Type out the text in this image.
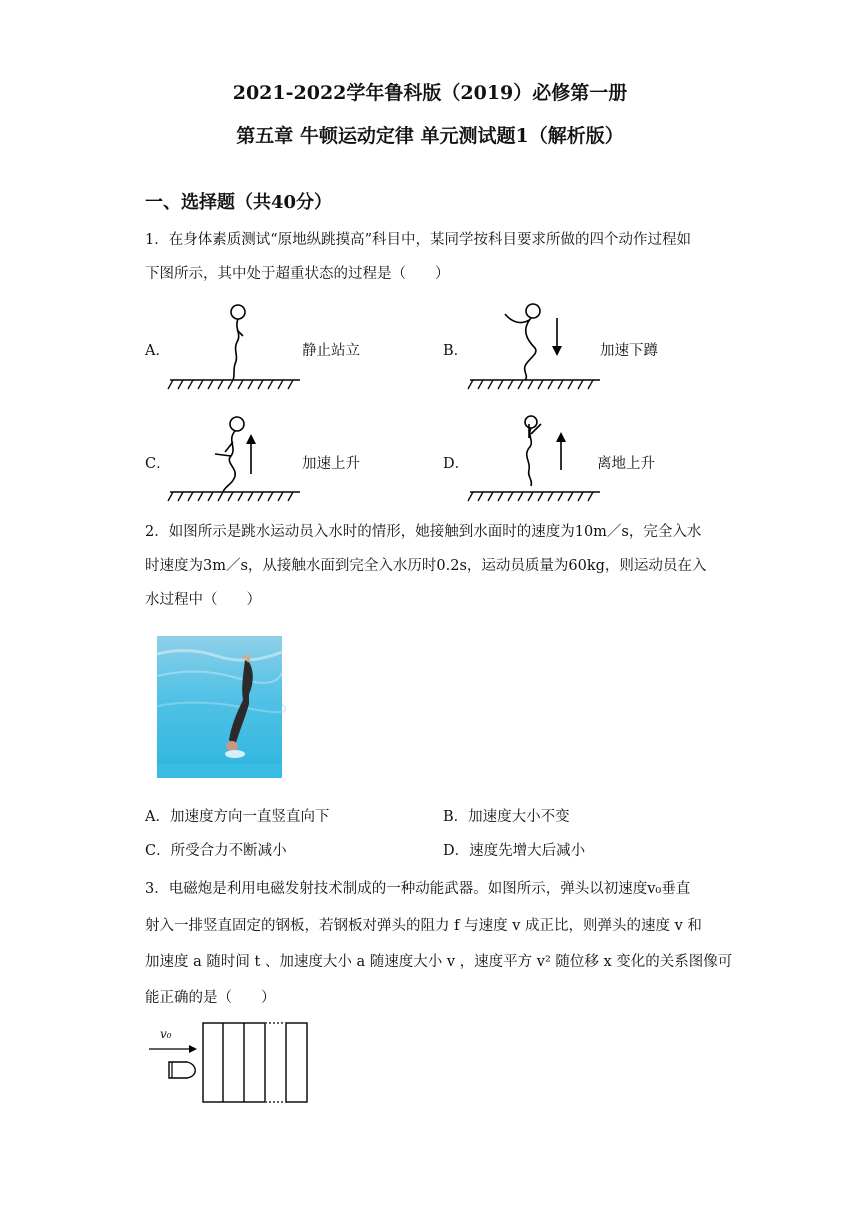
2021-2022学年鲁科版（2019）必修第一册
第五章 牛顿运动定律 单元测试题1（解析版）
一、选择题（共40分）
1．在身体素质测试“原地纵跳摸高”科目中，某同学按科目要求所做的四个动作过程如
下图所示，其中处于超重状态的过程是（　　）
A．	静止站立	B．	加速下蹲
C．	加速上升	D．	离地上升
2．如图所示是跳水运动员入水时的情形，她接触到水面时的速度为10m／s，完全入水
时速度为3m／s，从接触水面到完全入水历时0.2s，运动员质量为60kg，则运动员在入
水过程中（　　）
A．加速度方向一直竖直向下	B．加速度大小不变
C．所受合力不断减小	D．速度先增大后减小
3．电磁炮是利用电磁发射技术制成的一种动能武器。如图所示，弹头以初速度v₀垂直
射入一排竖直固定的钢板，若钢板对弹头的阻力 f 与速度 v 成正比，则弹头的速度 v 和
加速度 a 随时间 t 、加速度大小 a 随速度大小 v ，速度平方 v² 随位移 x 变化的关系图像可
能正确的是（　　）
v₀
